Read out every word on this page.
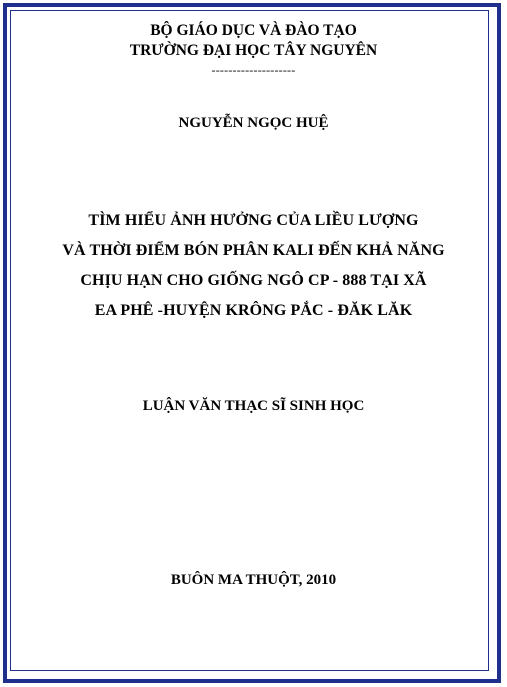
BỘ GIÁO DỤC VÀ ĐÀO TẠO
TRƯỜNG ĐẠI HỌC TÂY NGUYÊN
--------------------
NGUYỄN NGỌC HUỆ
TÌM HIỂU ẢNH HƯỞNG CỦA LIỀU LƯỢNG
VÀ THỜI ĐIỂM BÓN PHÂN KALI ĐẾN KHẢ NĂNG
CHỊU HẠN CHO GIỐNG NGÔ CP - 888 TẠI XÃ
EA PHÊ -HUYỆN KRÔNG PẮC - ĐĂK LĂK
LUẬN VĂN THẠC SĨ SINH HỌC
BUÔN MA THUỘT, 2010
